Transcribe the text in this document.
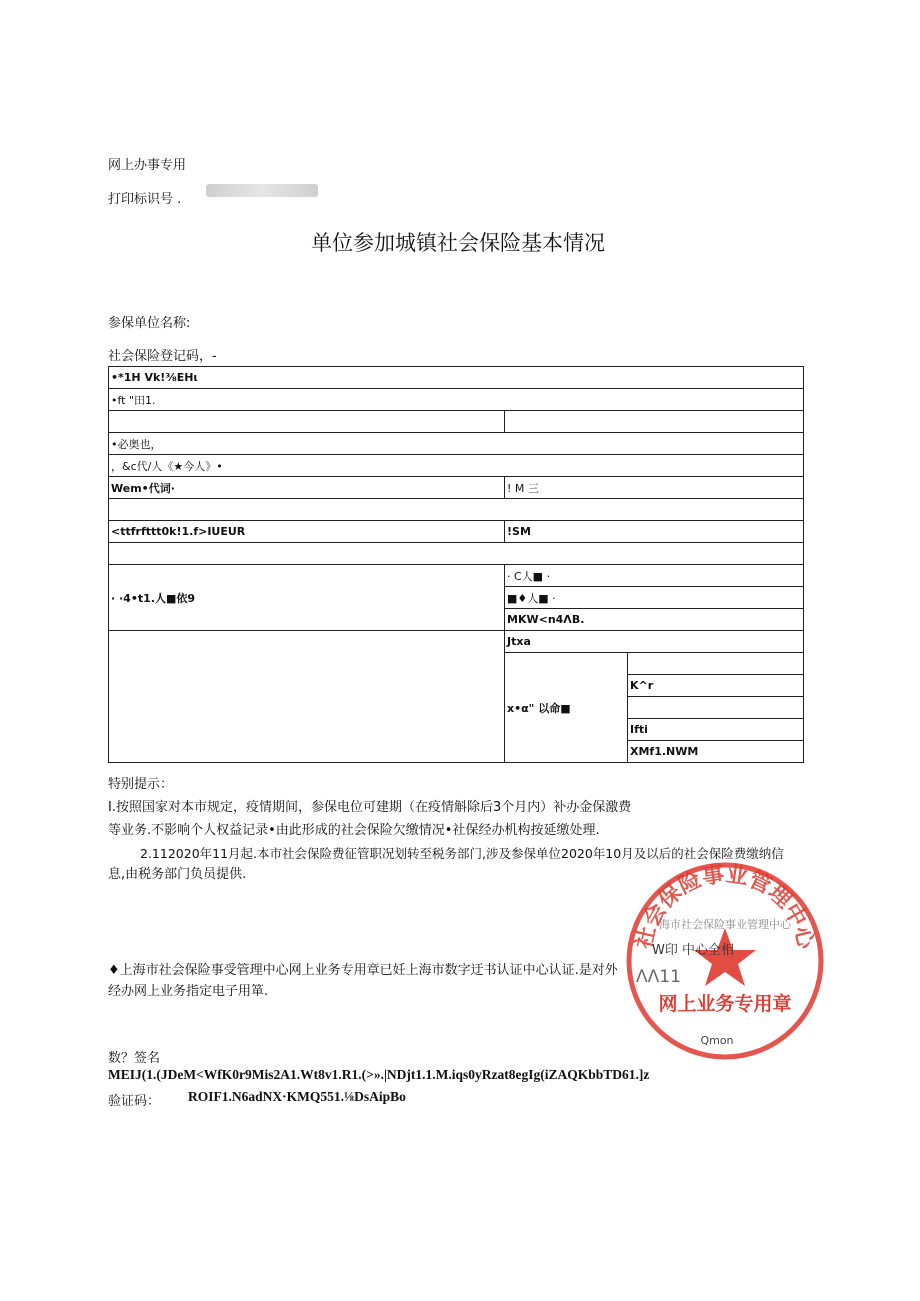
网上办事专用
打印标识号 .
单位参加城镇社会保险基本情况
参保单位名称:
社会保险登记码，-
•*1H Vk!⅜EHι		
•ft "田1.		

•必奥也，		
，&c代/人《★今人》•		
Wem•代词·	! M 三	

<ttfrfttt0k!1.f>IUEUR	!SM	

· ·4•t1.人■依9	· C人■ ·	
	■♦人■ ·	
	MKW<n4ΛB.	
	Jtxa	
	x•α" 以命■	
		K^r

		Ifti
		XMf1.NWM
特别提示：
I.按照国家对本市规定，疫情期间，参保电位可建期（在疫情斛除后3个月内）补办金保激费
等业务.不影响个人权益记录•由此形成的社会保险欠缴情况•社保经办机构按延缴处理.
2.112020年11月起.本市社会保险费征管职况划转至税务部门,涉及参保单位2020年10月及以后的社会保险费缴纳信
息,由税务部门负员提供.
♦上海市社会保险事受管理中心网上业务专用章已妊上海市数字迂书认证中心认证.是对外
经办网上业务指定电子用箪.
社会保险事业管理中心
海市社会保险事业管理中心
W印 中心全相
ΛΛ11
网上业务专用章
Qmon
数？签名
MEIJ(1.(JDeM<WfK0r9Mis2A1.Wt8v1.R1.(>».|NDjt1.1.M.iqs0yRzat8egIg(iZAQKbbTD61.]z
验证码： ROIF1.N6adNX·KMQ551.⅛DsAipBo
